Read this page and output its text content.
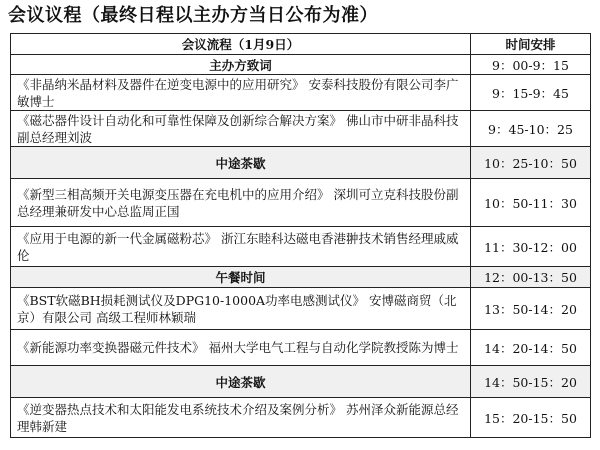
会议议程（最终日程以主办方当日公布为准）
会议流程（1月9日）	时间安排
主办方致词	9：00-9：15
《非晶纳米晶材料及器件在逆变电源中的应用研究》 安泰科技股份有限公司李广敏博士	9：15-9：45
《磁芯器件设计自动化和可靠性保障及创新综合解决方案》 佛山市中研非晶科技副总经理刘波	9：45-10：25
中途茶歇	10：25-10：50
《新型三相高频开关电源变压器在充电机中的应用介绍》 深圳可立克科技股份副总经理兼研发中心总监周正国	10：50-11：30
《应用于电源的新一代金属磁粉芯》 浙江东睦科达磁电香港翀技术销售经理戚威伦	11：30-12：00
午餐时间	12：00-13：50
《BST软磁BH损耗测试仪及DPG10-1000A功率电感测试仪》 安博磁商贸（北京）有限公司 高级工程师林颖瑞	13：50-14：20
《新能源功率变换器磁元件技术》 福州大学电气工程与自动化学院教授陈为博士	14：20-14：50
中途茶歇	14：50-15：20
《逆变器热点技术和太阳能发电系统技术介绍及案例分析》 苏州泽众新能源总经理韩新建	15：20-15：50
